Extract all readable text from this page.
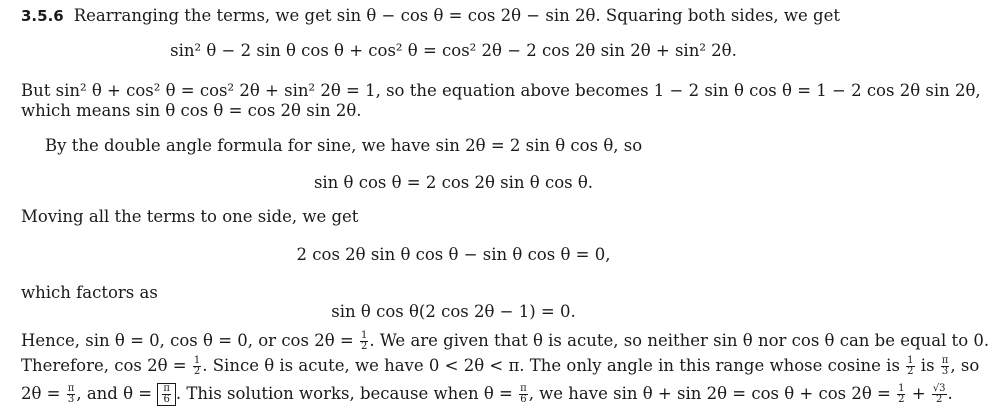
3.5.6 Rearranging the terms, we get sin θ − cos θ = cos 2θ − sin 2θ. Squaring both sides, we get
sin² θ − 2 sin θ cos θ + cos² θ = cos² 2θ − 2 cos 2θ sin 2θ + sin² 2θ.
But sin² θ + cos² θ = cos² 2θ + sin² 2θ = 1, so the equation above becomes 1 − 2 sin θ cos θ = 1 − 2 cos 2θ sin 2θ,
which means sin θ cos θ = cos 2θ sin 2θ.
By the double angle formula for sine, we have sin 2θ = 2 sin θ cos θ, so
sin θ cos θ = 2 cos 2θ sin θ cos θ.
Moving all the terms to one side, we get
2 cos 2θ sin θ cos θ − sin θ cos θ = 0,
which factors as
sin θ cos θ(2 cos 2θ − 1) = 0.
Hence, sin θ = 0, cos θ = 0, or $\cos 2\theta = \frac{1}{2}$ . We are given that θ is acute, so neither sin θ nor cos θ can be equal to 0.
Therefore, $\cos 2\theta = \frac{1}{2}$ . Since θ is acute, we have 0 < 2θ < π. The only angle in this range whose cosine is $\frac{1}{2}$ is $\frac{\pi}{3}$ , so
$2\theta = \frac{\pi}{3}$ , and $\theta = \frac{\pi}{6}$ . This solution works, because when $\theta = \frac{\pi}{6}$ , we have $\sin \theta + \sin 2\theta = \cos \theta + \cos 2\theta = \frac{1}{2} + \frac{√3}{2}$ .
